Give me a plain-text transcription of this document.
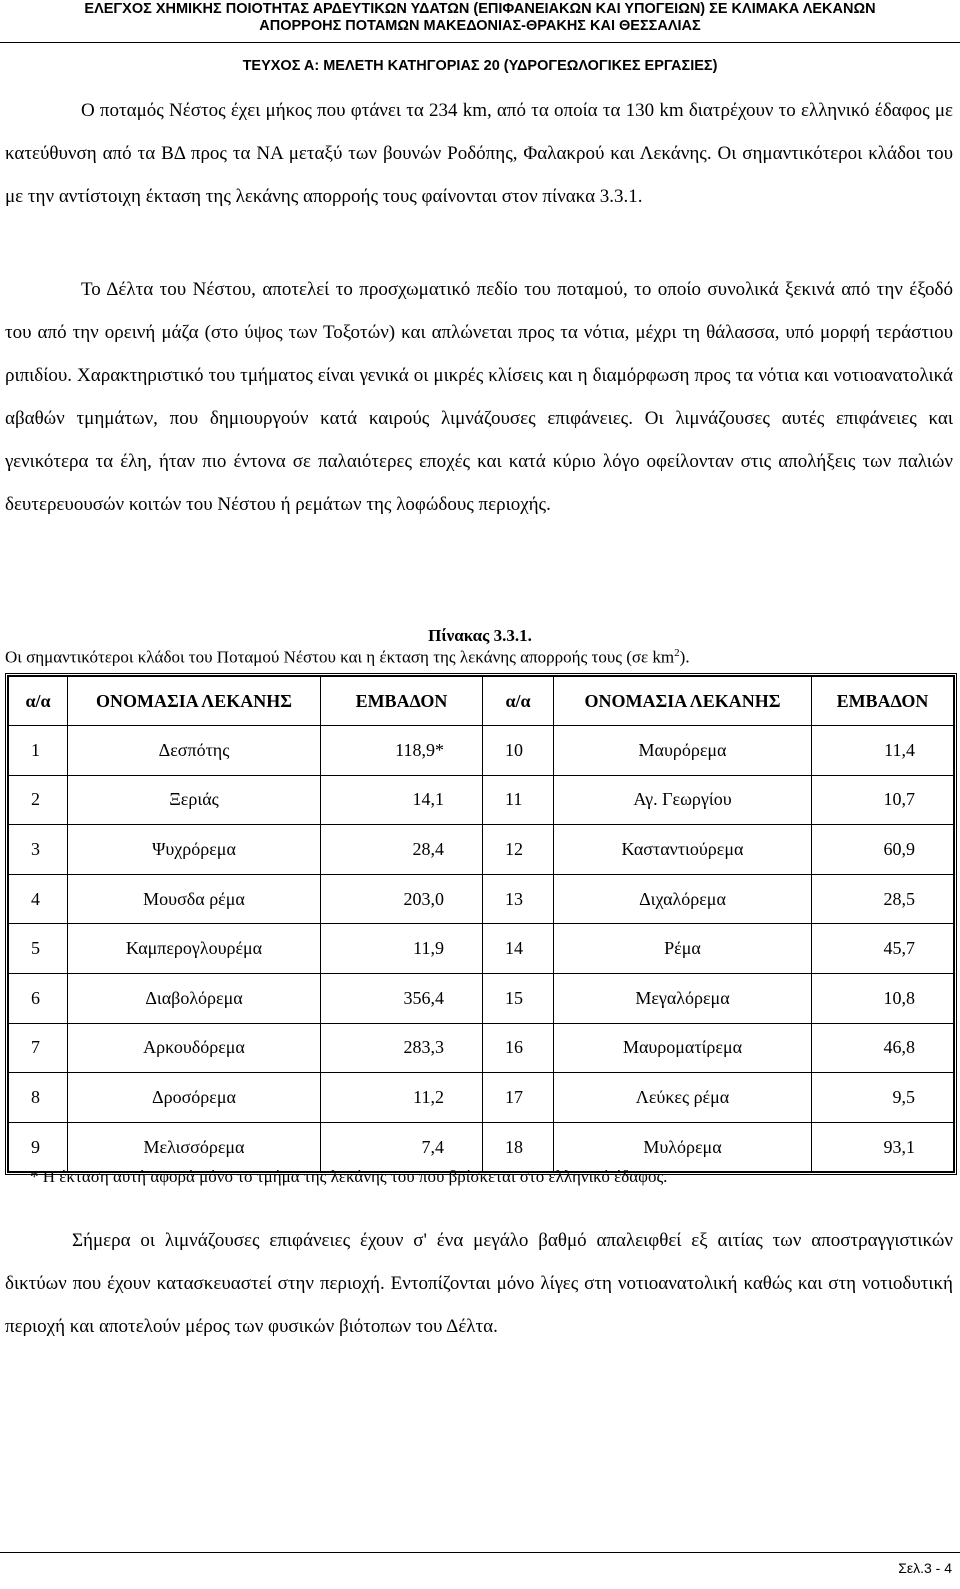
ΕΛΕΓΧΟΣ ΧΗΜΙΚΗΣ ΠΟΙΟΤΗΤΑΣ ΑΡΔΕΥΤΙΚΩΝ ΥΔΑΤΩΝ (ΕΠΙΦΑΝΕΙΑΚΩΝ ΚΑΙ ΥΠΟΓΕΙΩΝ) ΣΕ ΚΛΙΜΑΚΑ ΛΕΚΑΝΩΝ
ΑΠΟΡΡΟΗΣ ΠΟΤΑΜΩΝ ΜΑΚΕΔΟΝΙΑΣ-ΘΡΑΚΗΣ ΚΑΙ ΘΕΣΣΑΛΙΑΣ
ΤΕΥΧΟΣ Α: ΜΕΛΕΤΗ ΚΑΤΗΓΟΡΙΑΣ 20 (ΥΔΡΟΓΕΩΛΟΓΙΚΕΣ ΕΡΓΑΣΙΕΣ)

Ο ποταμός Νέστος έχει μήκος που φτάνει τα 234 km, από τα οποία τα 130 km διατρέχουν το ελληνικό έδαφος με κατεύθυνση από τα ΒΔ προς τα ΝΑ μεταξύ των βουνών Ροδόπης, Φαλακρού και Λεκάνης. Οι σημαντικότεροι κλάδοι του με την αντίστοιχη έκταση της λεκάνης απορροής τους φαίνονται στον πίνακα 3.3.1.

Το Δέλτα του Νέστου, αποτελεί το προσχωματικό πεδίο του ποταμού, το οποίο συνολικά ξεκινά από την έξοδό του από την ορεινή μάζα (στο ύψος των Τοξοτών) και απλώνεται προς τα νότια, μέχρι τη θάλασσα, υπό μορφή τεράστιου ριπιδίου. Χαρακτηριστικό του τμήματος είναι γενικά οι μικρές κλίσεις και η διαμόρφωση προς τα νότια και νοτιοανατολικά αβαθών τμημάτων, που δημιουργούν κατά καιρούς λιμνάζουσες επιφάνειες. Οι λιμνάζουσες αυτές επιφάνειες και γενικότερα τα έλη, ήταν πιο έντονα σε παλαιότερες εποχές και κατά κύριο λόγο οφείλονταν στις απολήξεις των παλιών δευτερευουσών κοιτών του Νέστου ή ρεμάτων της λοφώδους περιοχής.

Πίνακας 3.3.1.
Οι σημαντικότεροι κλάδοι του Ποταμού Νέστου και η έκταση της λεκάνης απορροής τους (σε $km^2$).
α/α	ΟΝΟΜΑΣΙΑ ΛΕΚΑΝΗΣ	ΕΜΒΑΔΟΝ	α/α	ΟΝΟΜΑΣΙΑ ΛΕΚΑΝΗΣ	ΕΜΒΑΔΟΝ
1	Δεσπότης	118,9*	10	Μαυρόρεμα	11,4
2	Ξεριάς	14,1	11	Αγ. Γεωργίου	10,7
3	Ψυχρόρεμα	28,4	12	Κασταντιούρεμα	60,9
4	Μουσδα ρέμα	203,0	13	Διχαλόρεμα	28,5
5	Καμπερογλουρέμα	11,9	14	Ρέμα	45,7
6	Διαβολόρεμα	356,4	15	Μεγαλόρεμα	10,8
7	Αρκουδόρεμα	283,3	16	Μαυροματίρεμα	46,8
8	Δροσόρεμα	11,2	17	Λεύκες ρέμα	9,5
9	Μελισσόρεμα	7,4	18	Μυλόρεμα	93,1
* Η έκταση αυτή αφορά μόνο το τμήμα της λεκάνης του που βρίσκεται στο ελληνικό έδαφος.

Σήμερα οι λιμνάζουσες επιφάνειες έχουν σ' ένα μεγάλο βαθμό απαλειφθεί εξ αιτίας των αποστραγγιστικών δικτύων που έχουν κατασκευαστεί στην περιοχή. Εντοπίζονται μόνο λίγες στη νοτιοανατολική καθώς και στη νοτιοδυτική περιοχή και αποτελούν μέρος των φυσικών βιότοπων του Δέλτα.

Σελ.3 - 4
